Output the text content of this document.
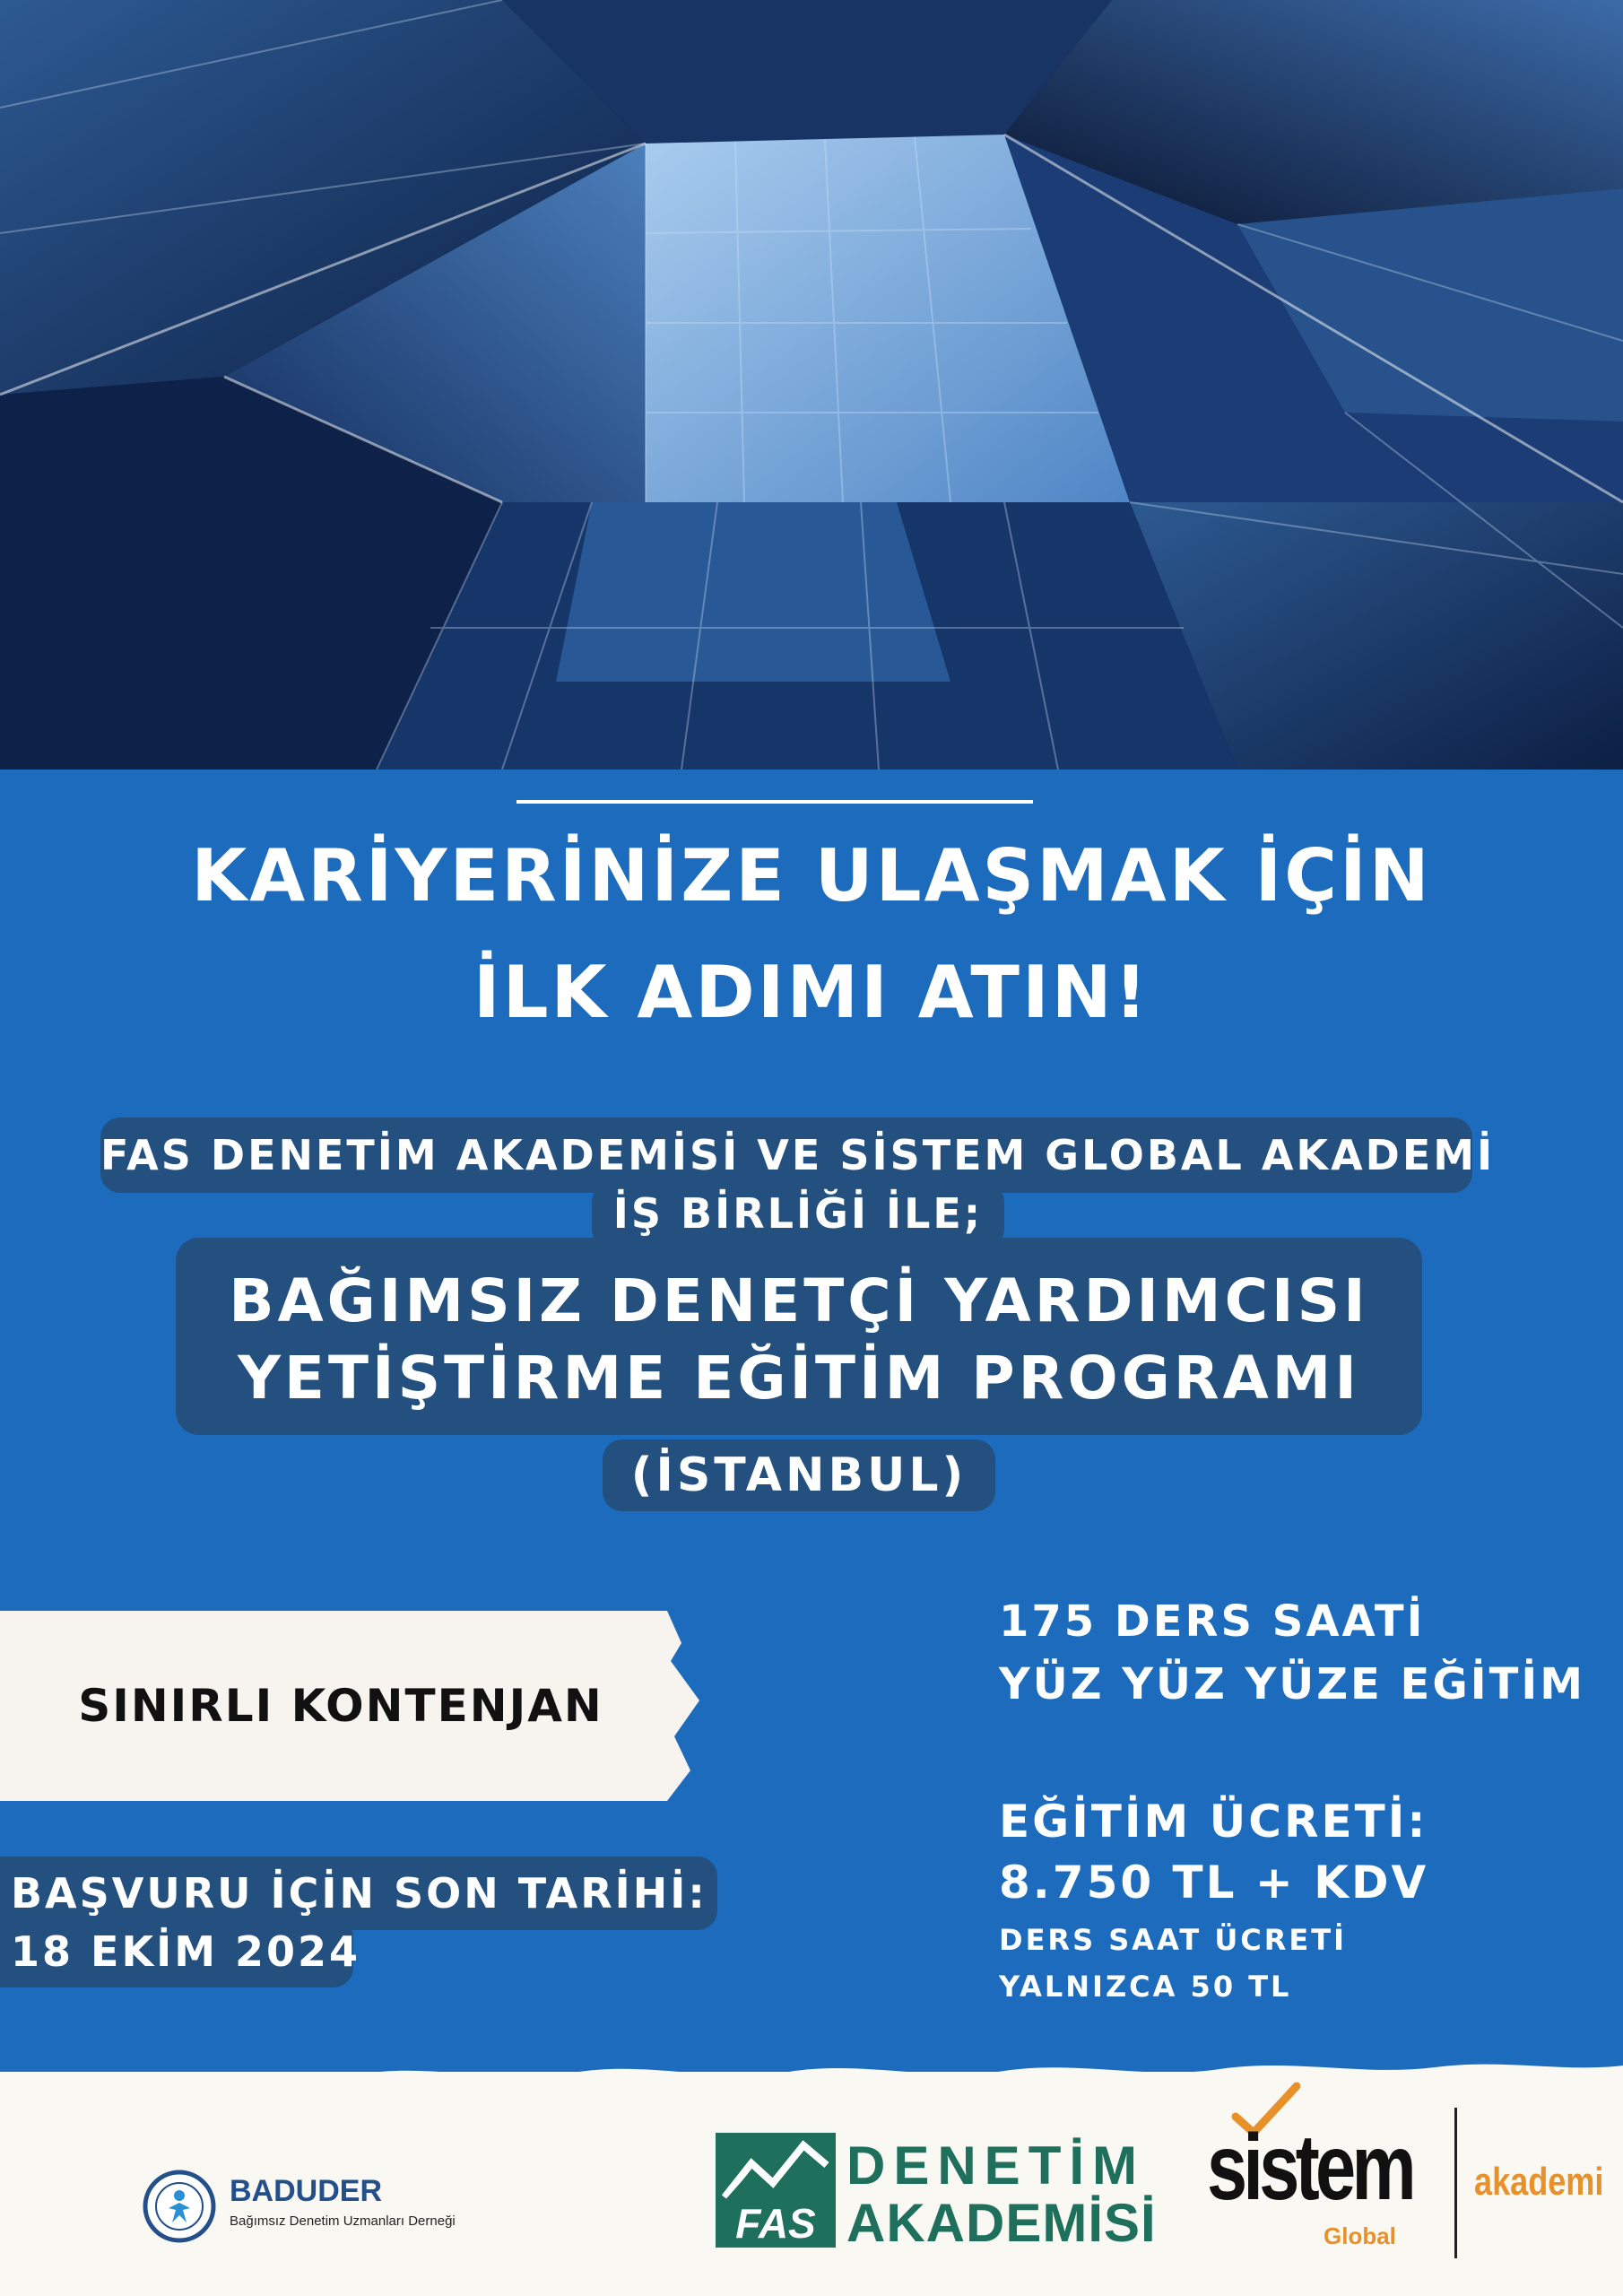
KARİYERİNİZE ULAŞMAK İÇİN
İLK ADIMI ATIN!
FAS DENETİM AKADEMİSİ VE SİSTEM GLOBAL AKADEMİ
İŞ BİRLİĞİ İLE;
BAĞIMSIZ DENETÇİ YARDIMCISI
YETİŞTİRME EĞİTİM PROGRAMI
(İSTANBUL)
SINIRLI KONTENJAN
BAŞVURU İÇİN SON TARİHİ:
18 EKİM 2024
175 DERS SAATİ
YÜZ YÜZ YÜZE EĞİTİM
EĞİTİM ÜCRETİ:
8.750 TL + KDV
DERS SAAT ÜCRETİ
YALNIZCA 50 TL
BADUDER
Bağımsız Denetim Uzmanları Derneği	FAS
DENETİM
AKADEMİSİ
sistem
Global
akademi
